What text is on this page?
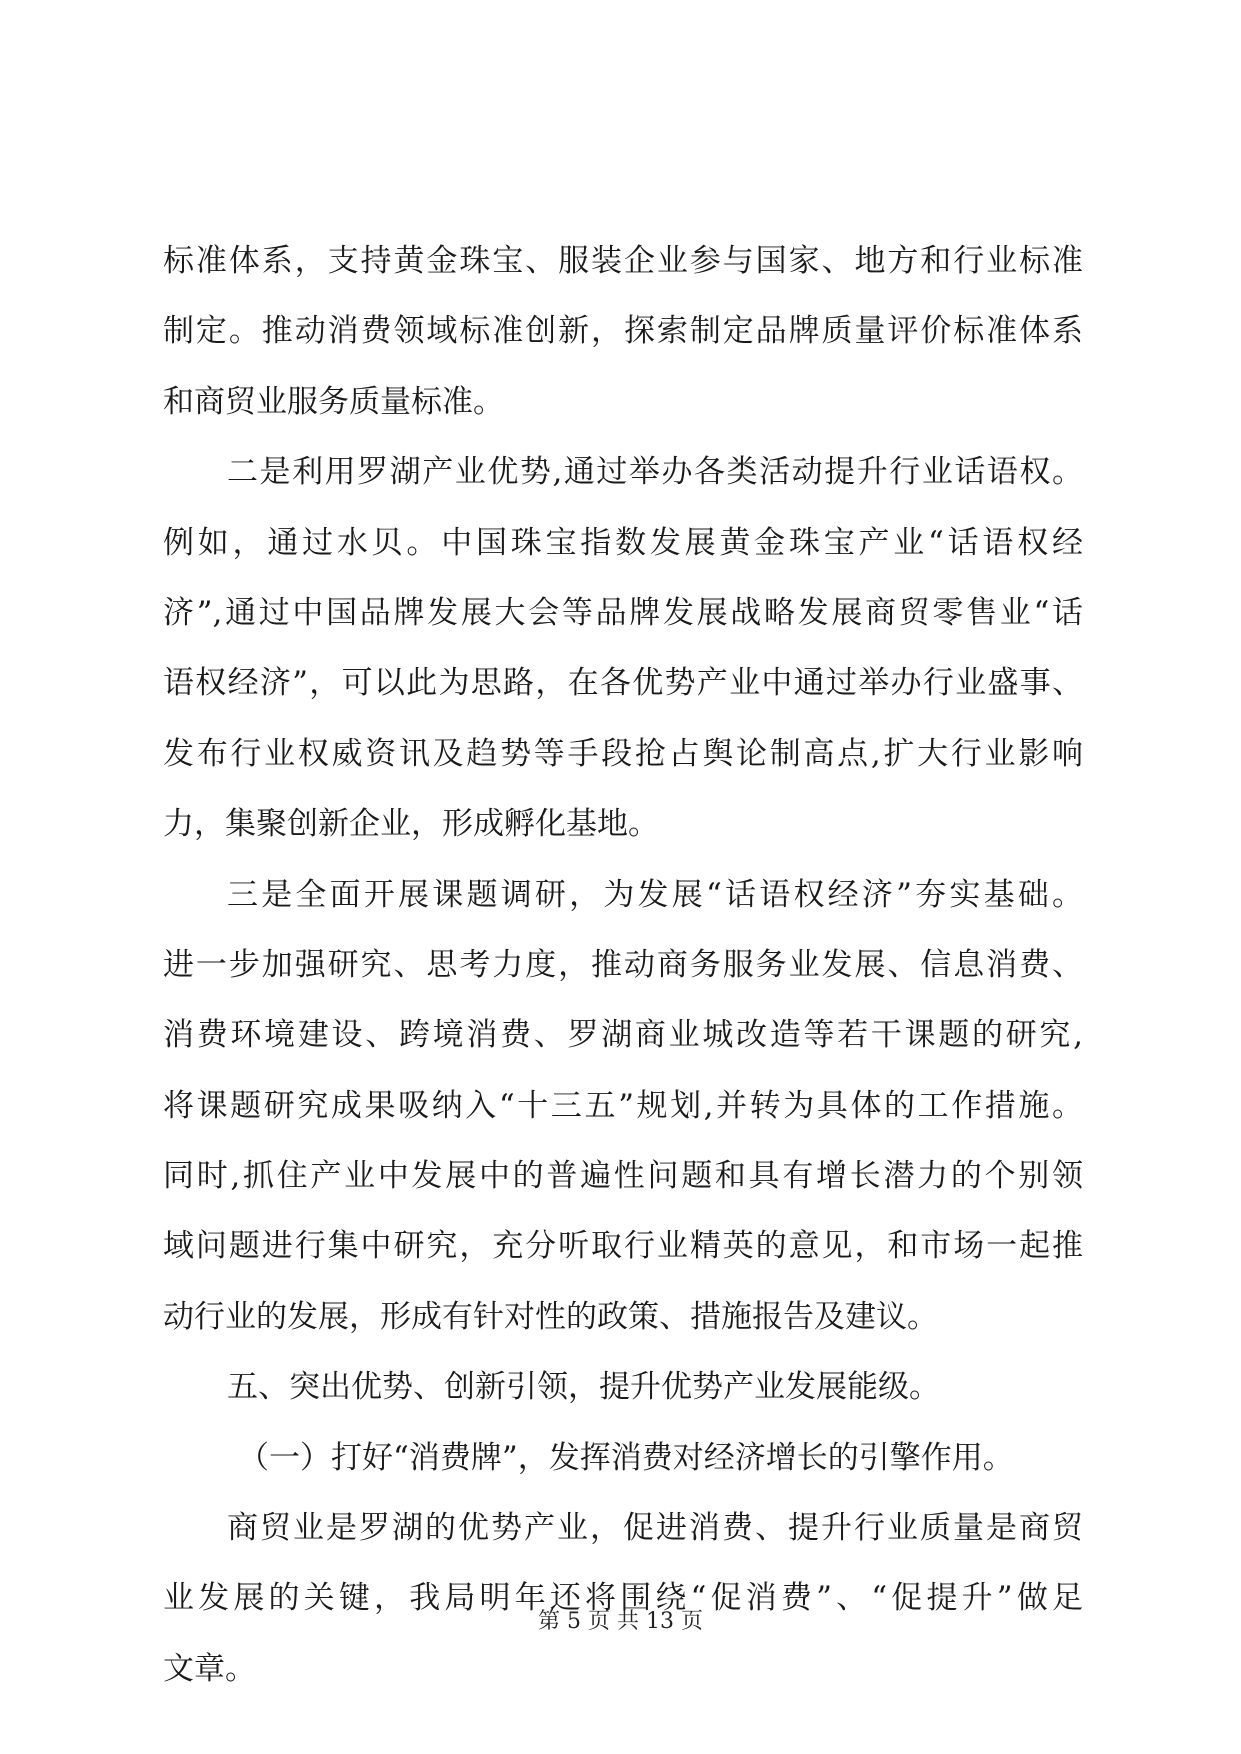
标准体系，支持黄金珠宝、服装企业参与国家、地方和行业标准
制定。推动消费领域标准创新，探索制定品牌质量评价标准体系
和商贸业服务质量标准。
二是利用罗湖产业优势,通过举办各类活动提升行业话语权。
例如，通过水贝。中国珠宝指数发展黄金珠宝产业“话语权经
济”,通过中国品牌发展大会等品牌发展战略发展商贸零售业“话
语权经济”，可以此为思路，在各优势产业中通过举办行业盛事、
发布行业权威资讯及趋势等手段抢占舆论制高点,扩大行业影响
力，集聚创新企业，形成孵化基地。
三是全面开展课题调研，为发展“话语权经济”夯实基础。
进一步加强研究、思考力度，推动商务服务业发展、信息消费、
消费环境建设、跨境消费、罗湖商业城改造等若干课题的研究,
将课题研究成果吸纳入“十三五”规划,并转为具体的工作措施。
同时,抓住产业中发展中的普遍性问题和具有增长潜力的个别领
域问题进行集中研究，充分听取行业精英的意见，和市场一起推
动行业的发展，形成有针对性的政策、措施报告及建议。
五、突出优势、创新引领，提升优势产业发展能级。
（一）打好“消费牌”，发挥消费对经济增长的引擎作用。
商贸业是罗湖的优势产业，促进消费、提升行业质量是商贸
业发展的关键，我局明年还将围绕“促消费”、“促提升”做足
文章。
第 5 页 共 13 页
